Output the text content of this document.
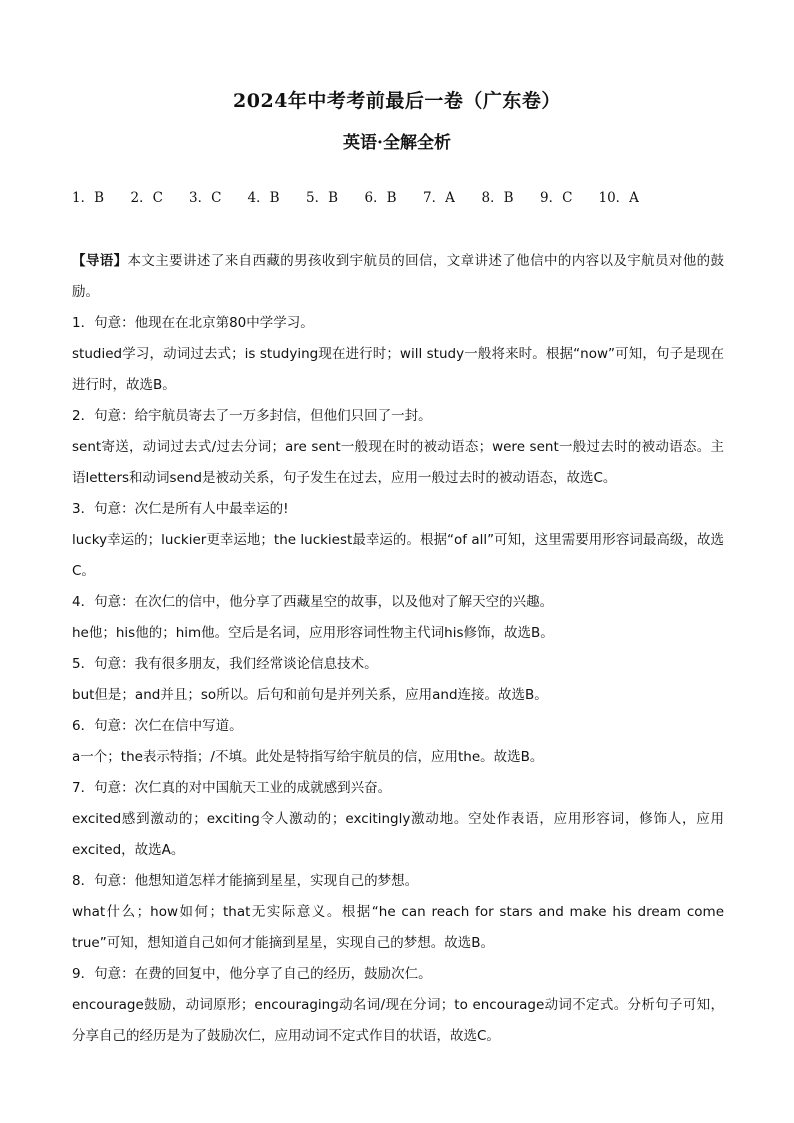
2024年中考考前最后一卷（广东卷）
英语·全解全析
1．B	2．C	3．C	4．B	5．B	6．B	7．A	8．B	9．C	10．A

【导语】本文主要讲述了来自西藏的男孩收到宇航员的回信，文章讲述了他信中的内容以及宇航员对他的鼓励。

1．句意：他现在在北京第80中学学习。

studied学习，动词过去式；is studying现在进行时；will study一般将来时。根据“now”可知，句子是现在进行时，故选B。

2．句意：给宇航员寄去了一万多封信，但他们只回了一封。

sent寄送，动词过去式/过去分词；are sent一般现在时的被动语态；were sent一般过去时的被动语态。主语letters和动词send是被动关系，句子发生在过去，应用一般过去时的被动语态，故选C。

3．句意：次仁是所有人中最幸运的!

lucky幸运的；luckier更幸运地；the luckiest最幸运的。根据“of all”可知，这里需要用形容词最高级，故选C。

4．句意：在次仁的信中，他分享了西藏星空的故事，以及他对了解天空的兴趣。

he他；his他的；him他。空后是名词，应用形容词性物主代词his修饰，故选B。

5．句意：我有很多朋友，我们经常谈论信息技术。

but但是；and并且；so所以。后句和前句是并列关系，应用and连接。故选B。

6．句意：次仁在信中写道。

a一个；the表示特指；/不填。此处是特指写给宇航员的信，应用the。故选B。

7．句意：次仁真的对中国航天工业的成就感到兴奋。

excited感到激动的；exciting令人激动的；excitingly激动地。空处作表语，应用形容词，修饰人，应用excited，故选A。

8．句意：他想知道怎样才能摘到星星，实现自己的梦想。

what什么；how如何；that无实际意义。根据“he can reach for stars and make his dream come true”可知，想知道自己如何才能摘到星星，实现自己的梦想。故选B。

9．句意：在费的回复中，他分享了自己的经历，鼓励次仁。

encourage鼓励，动词原形；encouraging动名词/现在分词；to encourage动词不定式。分析句子可知，分享自己的经历是为了鼓励次仁，应用动词不定式作目的状语，故选C。
